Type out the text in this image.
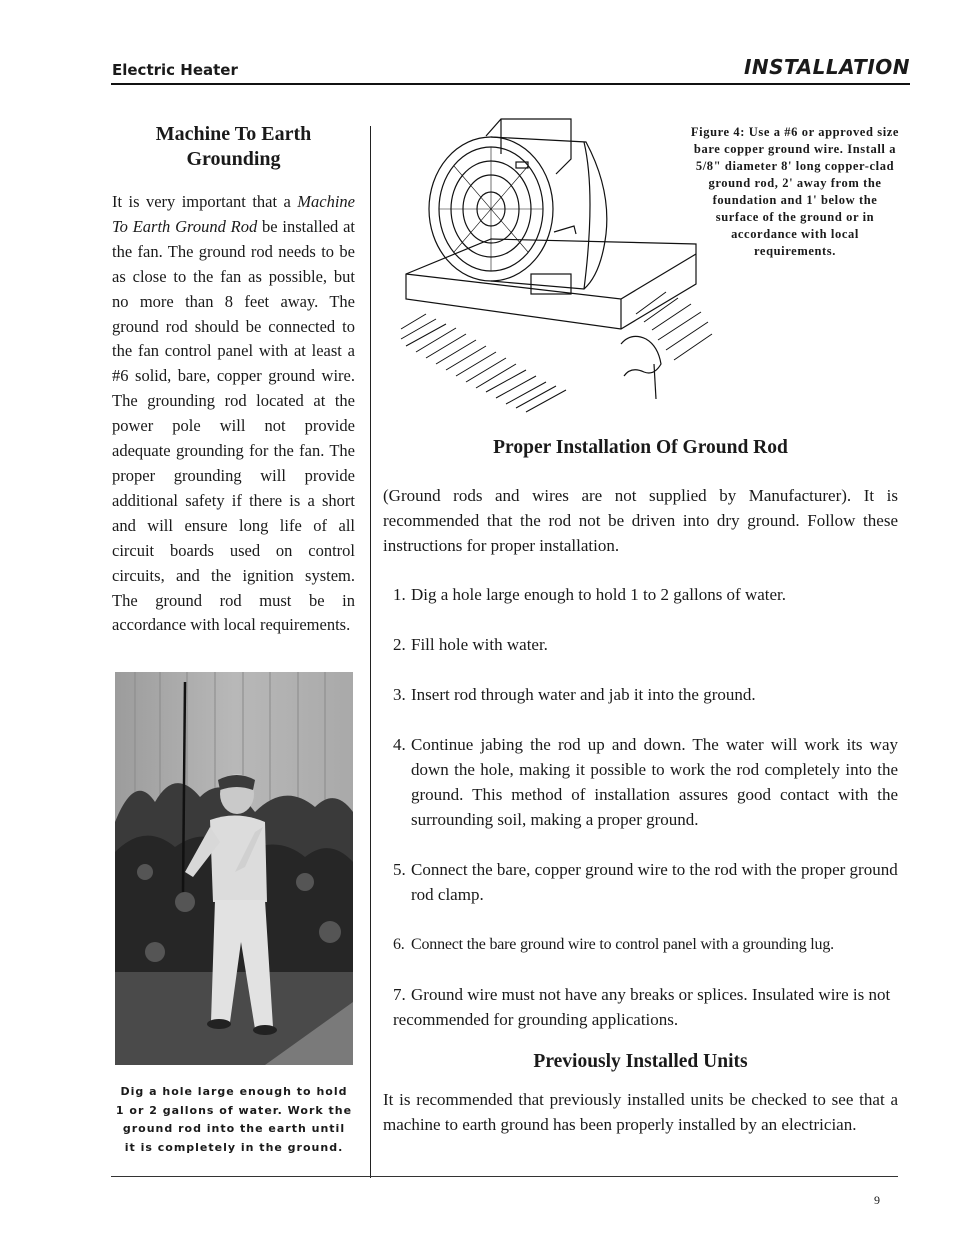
Electric Heater	INSTALLATION
Machine To Earth
Grounding
It is very important that a Machine To Earth Ground Rod be installed at the fan. The ground rod needs to be as close to the fan as possible, but no more than 8 feet away. The ground rod should be connected to the fan control panel with at least a #6 solid, bare, copper ground wire. The grounding rod located at the power pole will not provide adequate grounding for the fan. The proper grounding will provide additional safety if there is a short and will ensure long life of all circuit boards used on control circuits, and the ignition system. The ground rod must be in accordance with local requirements.
Dig a hole large enough to hold 1 or 2 gallons of water. Work the ground rod into the earth until it is completely in the ground.
Figure 4: Use a #6 or approved size bare copper ground wire. Install a 5/8" diameter 8' long copper-clad ground rod, 2' away from the foundation and 1' below the surface of the ground or in accordance with local requirements.
Proper Installation Of Ground Rod
(Ground rods and wires are not supplied by Manufacturer). It is recommended that the rod not be driven into dry ground. Follow these instructions for proper installation.
1. Dig a hole large enough to hold 1 to 2 gallons of water.
2. Fill hole with water.
3. Insert rod through water and jab it into the ground.
4. Continue jabing the rod up and down. The water will work its way down the hole, making it possible to work the rod completely into the ground. This method of installation assures good contact with the surrounding soil, making a proper ground.
5. Connect the bare, copper ground wire to the rod with the proper ground rod clamp.
6. Connect the bare ground wire to control panel with a grounding lug.
7. Ground wire must not have any breaks or splices. Insulated wire is not recommended for grounding applications.
Previously Installed Units
It is recommended that previously installed units be checked to see that a machine to earth ground has been properly installed by an electrician.
9
